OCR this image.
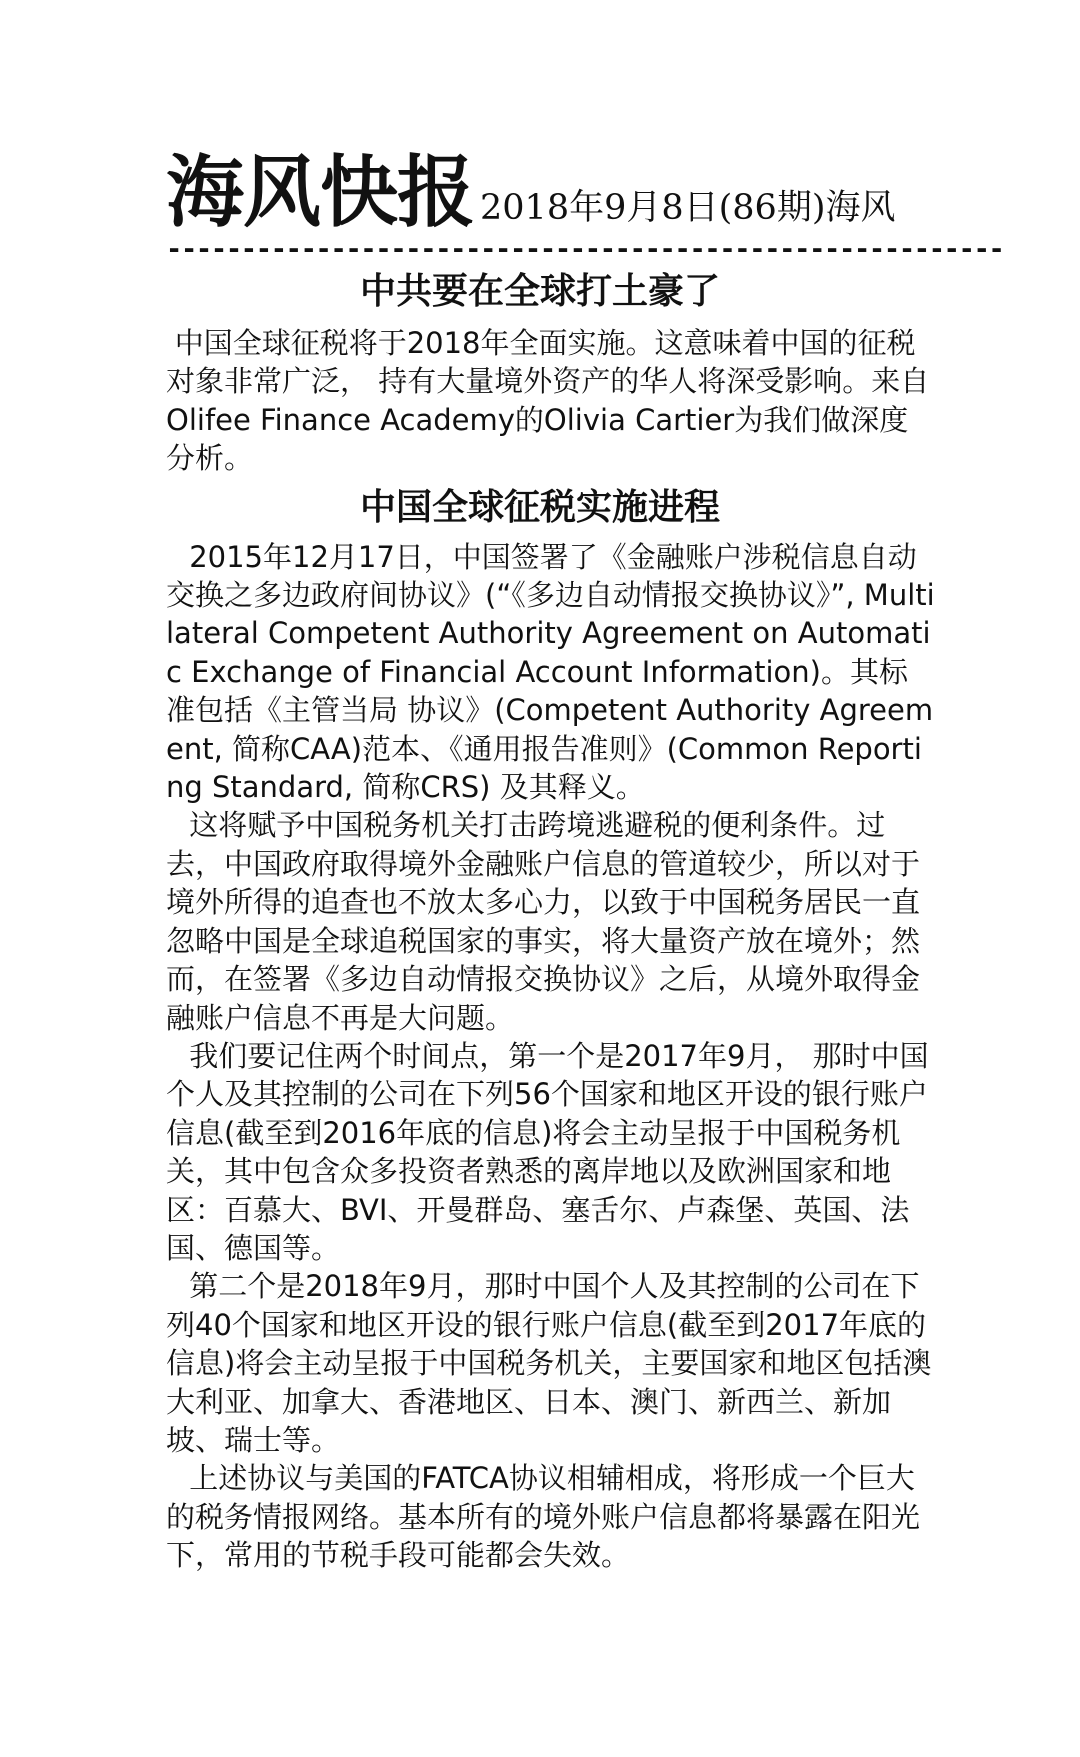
海风快报 2018年9月8日(86期)海风
--------------------------------------------------------
中共要在全球打土豪了

中国全球征税将于2018年全面实施。这意味着中国的征税对象非常广泛， 持有大量境外资产的华人将深受影响。来自Olifee Finance Academy的Olivia Cartier为我们做深度分析。

中国全球征税实施进程

2015年12月17日，中国签署了《金融账户涉税信息自动交换之多边政府间协议》(“《多边自动情报交换协议》”, Multilateral Competent Authority Agreement on Automatic Exchange of Financial Account Information)。其标准包括《主管当局 协议》(Competent Authority Agreement, 简称CAA)范本、《通用报告准则》(Common Reporting Standard, 简称CRS) 及其释义。

这将赋予中国税务机关打击跨境逃避税的便利条件。过去，中国政府取得境外金融账户信息的管道较少，所以对于境外所得的追查也不放太多心力，以致于中国税务居民一直忽略中国是全球追税国家的事实，将大量资产放在境外；然而，在签署《多边自动情报交换协议》之后，从境外取得金融账户信息不再是大问题。

我们要记住两个时间点，第一个是2017年9月， 那时中国个人及其控制的公司在下列56个国家和地区开设的银行账户信息(截至到2016年底的信息)将会主动呈报于中国税务机关，其中包含众多投资者熟悉的离岸地以及欧洲国家和地区：百慕大、BVI、开曼群岛、塞舌尔、卢森堡、英国、法国、德国等。

第二个是2018年9月，那时中国个人及其控制的公司在下列40个国家和地区开设的银行账户信息(截至到2017年底的信息)将会主动呈报于中国税务机关，主要国家和地区包括澳大利亚、加拿大、香港地区、日本、澳门、新西兰、新加坡、瑞士等。

上述协议与美国的FATCA协议相辅相成，将形成一个巨大的税务情报网络。基本所有的境外账户信息都将暴露在阳光下，常用的节税手段可能都会失效。
